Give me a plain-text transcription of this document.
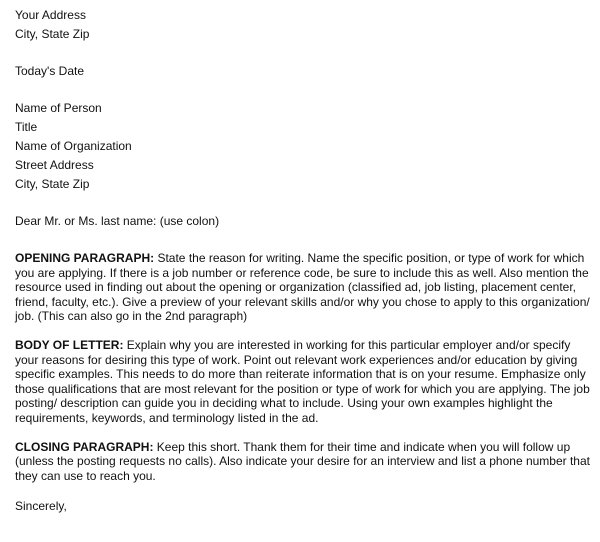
Your Address
City, State Zip
Today's Date
Name of Person
Title
Name of Organization
Street Address
City, State Zip
Dear Mr. or Ms. last name: (use colon)

OPENING PARAGRAPH: State the reason for writing. Name the specific position, or type of work for which you are applying. If there is a job number or reference code, be sure to include this as well. Also mention the resource used in finding out about the opening or organization (classified ad, job listing, placement center, friend, faculty, etc.). Give a preview of your relevant skills and/or why you chose to apply to this organization/ job. (This can also go in the 2nd paragraph)

BODY OF LETTER: Explain why you are interested in working for this particular employer and/or specify your reasons for desiring this type of work. Point out relevant work experiences and/or education by giving specific examples. This needs to do more than reiterate information that is on your resume. Emphasize only those qualifications that are most relevant for the position or type of work for which you are applying. The job posting/ description can guide you in deciding what to include. Using your own examples highlight the requirements, keywords, and terminology listed in the ad.

CLOSING PARAGRAPH: Keep this short. Thank them for their time and indicate when you will follow up (unless the posting requests no calls). Also indicate your desire for an interview and list a phone number that they can use to reach you.

Sincerely,
